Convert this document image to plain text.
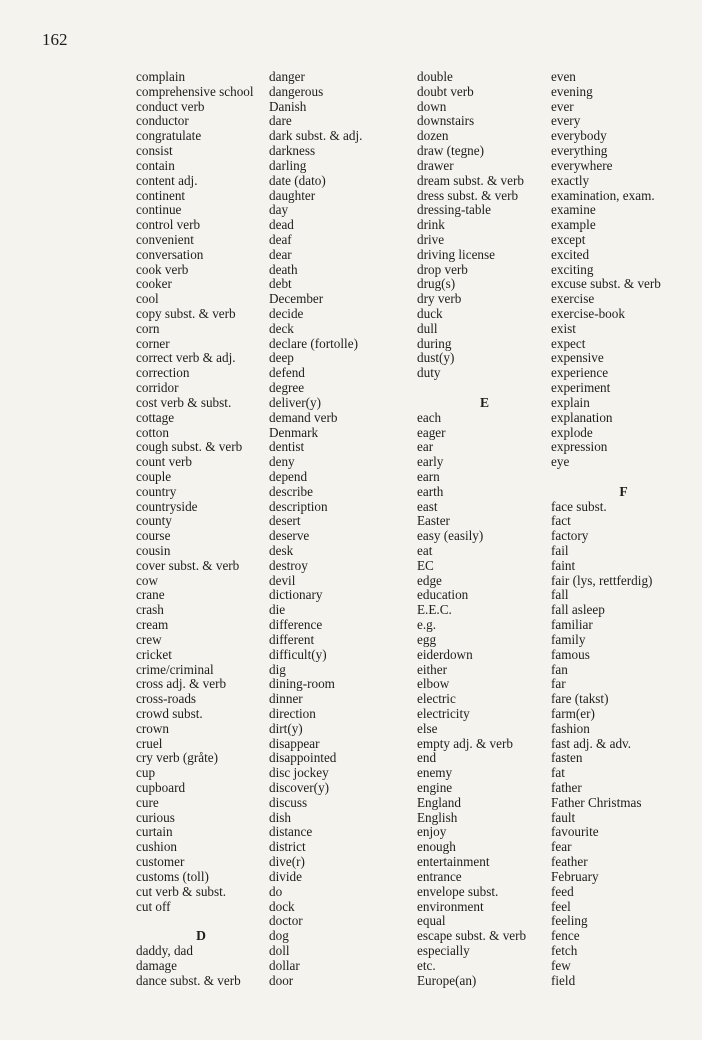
162
complain
comprehensive school
conduct verb
conductor
congratulate
consist
contain
content adj.
continent
continue
control verb
convenient
conversation
cook verb
cooker
cool
copy subst. & verb
corn
corner
correct verb & adj.
correction
corridor
cost verb & subst.
cottage
cotton
cough subst. & verb
count verb
couple
country
countryside
county
course
cousin
cover subst. & verb
cow
crane
crash
cream
crew
cricket
crime/criminal
cross adj. & verb
cross-roads
crowd subst.
crown
cruel
cry verb (gråte)
cup
cupboard
cure
curious
curtain
cushion
customer
customs (toll)
cut verb & subst.
cut off
D
daddy, dad
damage
dance subst. & verb
danger
dangerous
Danish
dare
dark subst. & adj.
darkness
darling
date (dato)
daughter
day
dead
deaf
dear
death
debt
December
decide
deck
declare (fortolle)
deep
defend
degree
deliver(y)
demand verb
Denmark
dentist
deny
depend
describe
description
desert
deserve
desk
destroy
devil
dictionary
die
difference
different
difficult(y)
dig
dining-room
dinner
direction
dirt(y)
disappear
disappointed
disc jockey
discover(y)
discuss
dish
distance
district
dive(r)
divide
do
dock
doctor
dog
doll
dollar
door
double
doubt verb
down
downstairs
dozen
draw (tegne)
drawer
dream subst. & verb
dress subst. & verb
dressing-table
drink
drive
driving license
drop verb
drug(s)
dry verb
duck
dull
during
dust(y)
duty
E
each
eager
ear
early
earn
earth
east
Easter
easy (easily)
eat
EC
edge
education
E.E.C.
e.g.
egg
eiderdown
either
elbow
electric
electricity
else
empty adj. & verb
end
enemy
engine
England
English
enjoy
enough
entertainment
entrance
envelope subst.
environment
equal
escape subst. & verb
especially
etc.
Europe(an)
even
evening
ever
every
everybody
everything
everywhere
exactly
examination, exam.
examine
example
except
excited
exciting
excuse subst. & verb
exercise
exercise-book
exist
expect
expensive
experience
experiment
explain
explanation
explode
expression
eye
F
face subst.
fact
factory
fail
faint
fair (lys, rettferdig)
fall
fall asleep
familiar
family
famous
fan
far
fare (takst)
farm(er)
fashion
fast adj. & adv.
fasten
fat
father
Father Christmas
fault
favourite
fear
feather
February
feed
feel
feeling
fence
fetch
few
field
